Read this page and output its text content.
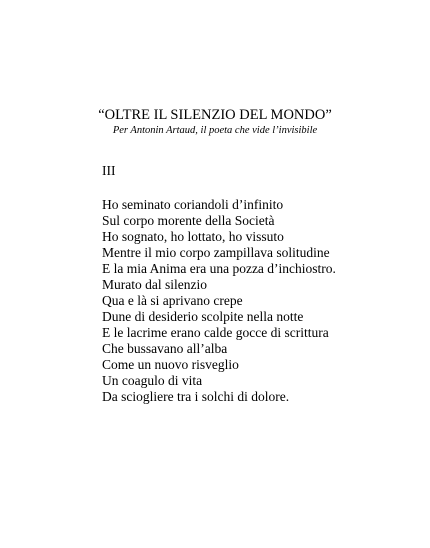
“OLTRE IL SILENZIO DEL MONDO”
Per Antonin Artaud, il poeta che vide l’invisibile
III
Ho seminato coriandoli d’infinito
Sul corpo morente della Società
Ho sognato, ho lottato, ho vissuto
Mentre il mio corpo zampillava solitudine
E la mia Anima era una pozza d’inchiostro.
Murato dal silenzio
Qua e là si aprivano crepe
Dune di desiderio scolpite nella notte
E le lacrime erano calde gocce di scrittura
Che bussavano all’alba
Come un nuovo risveglio
Un coagulo di vita
Da sciogliere tra i solchi di dolore.
